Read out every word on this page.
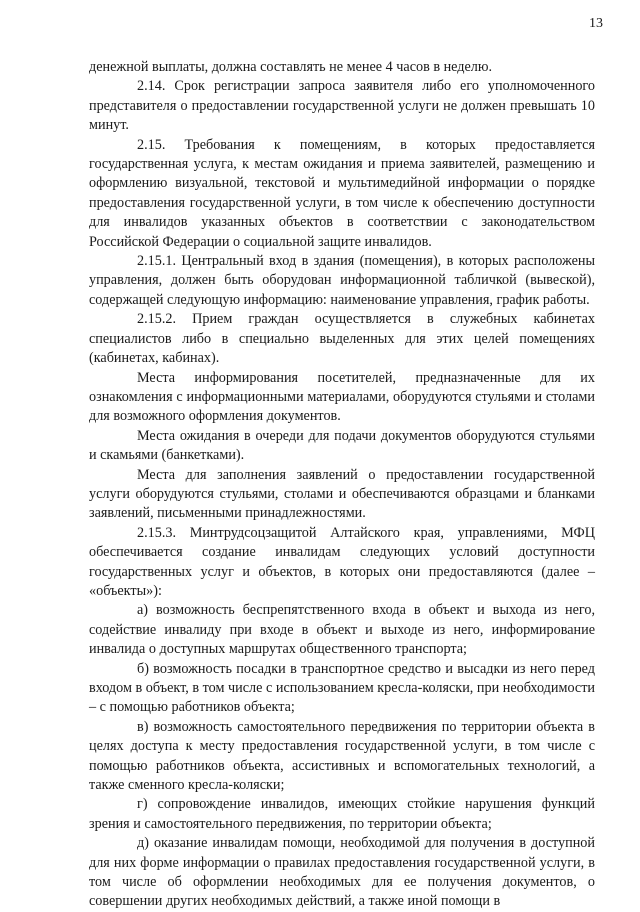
13

денежной выплаты, должна составлять не менее 4 часов в неделю.

2.14. Срок регистрации запроса заявителя либо его уполномоченного представителя о предоставлении государственной услуги не должен превышать 10 минут.

2.15. Требования к помещениям, в которых предоставляется государственная услуга, к местам ожидания и приема заявителей, размещению и оформлению визуальной, текстовой и мультимедийной информации о порядке предоставления государственной услуги, в том числе к обеспечению доступности для инвалидов указанных объектов в соответствии с законодательством Российской Федерации о социальной защите инвалидов.

2.15.1. Центральный вход в здания (помещения), в которых расположены управления, должен быть оборудован информационной табличкой (вывеской), содержащей следующую информацию: наименование управления, график работы.

2.15.2. Прием граждан осуществляется в служебных кабинетах специалистов либо в специально выделенных для этих целей помещениях (кабинетах, кабинах).

Места информирования посетителей, предназначенные для их ознакомления с информационными материалами, оборудуются стульями и столами для возможного оформления документов.

Места ожидания в очереди для подачи документов оборудуются стульями и скамьями (банкетками).

Места для заполнения заявлений о предоставлении государственной услуги оборудуются стульями, столами и обеспечиваются образцами и бланками заявлений, письменными принадлежностями.

2.15.3. Минтрудсоцзащитой Алтайского края, управлениями, МФЦ обеспечивается создание инвалидам следующих условий доступности государственных услуг и объектов, в которых они предоставляются (далее – «объекты»):

а) возможность беспрепятственного входа в объект и выхода из него, содействие инвалиду при входе в объект и выходе из него, информирование инвалида о доступных маршрутах общественного транспорта;

б) возможность посадки в транспортное средство и высадки из него перед входом в объект, в том числе с использованием кресла-коляски, при необходимости – с помощью работников объекта;

в) возможность самостоятельного передвижения по территории объекта в целях доступа к месту предоставления государственной услуги, в том числе с помощью работников объекта, ассистивных и вспомогательных технологий, а также сменного кресла-коляски;

г) сопровождение инвалидов, имеющих стойкие нарушения функций зрения и самостоятельного передвижения, по территории объекта;

д) оказание инвалидам помощи, необходимой для получения в доступной для них форме информации о правилах предоставления государственной услуги, в том числе об оформлении необходимых для ее получения документов, о совершении других необходимых действий, а также иной помощи в
